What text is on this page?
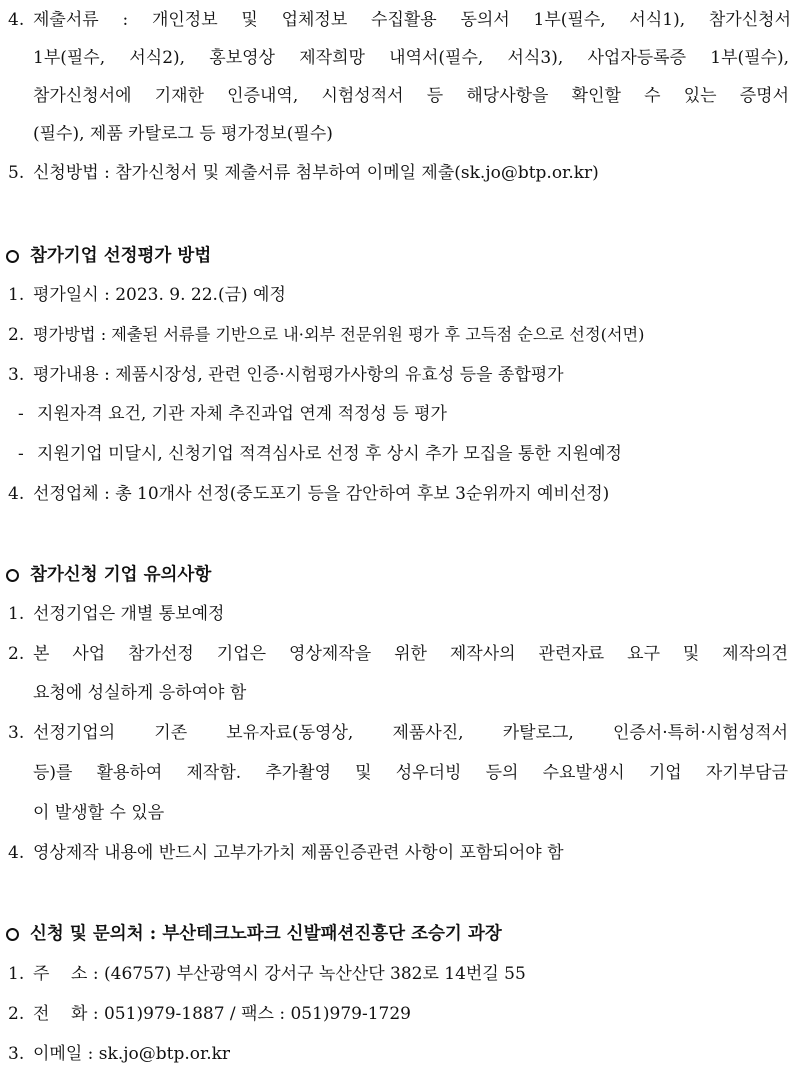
4. 제출서류 : 개인정보 및 업체정보 수집활용 동의서 1부(필수, 서식1), 참가신청서
1부(필수, 서식2), 홍보영상 제작희망 내역서(필수, 서식3), 사업자등록증 1부(필수),
참가신청서에 기재한 인증내역, 시험성적서 등 해당사항을 확인할 수 있는 증명서
(필수), 제품 카탈로그 등 평가정보(필수)
5. 신청방법 : 참가신청서 및 제출서류 첨부하여 이메일 제출(sk.jo@btp.or.kr)
참가기업 선정평가 방법
1. 평가일시 : 2023. 9. 22.(금) 예정
2. 평가방법 : 제출된 서류를 기반으로 내·외부 전문위원 평가 후 고득점 순으로 선정(서면)
3. 평가내용 : 제품시장성, 관련 인증·시험평가사항의 유효성 등을 종합평가
- 지원자격 요건, 기관 자체 추진과업 연계 적정성 등 평가
- 지원기업 미달시, 신청기업 적격심사로 선정 후 상시 추가 모집을 통한 지원예정
4. 선정업체 : 총 10개사 선정(중도포기 등을 감안하여 후보 3순위까지 예비선정)
참가신청 기업 유의사항
1. 선정기업은 개별 통보예정
2. 본 사업 참가선정 기업은 영상제작을 위한 제작사의 관련자료 요구 및 제작의견
요청에 성실하게 응하여야 함
3. 선정기업의 기존 보유자료(동영상, 제품사진, 카탈로그, 인증서·특허·시험성적서
등)를 활용하여 제작함. 추가촬영 및 성우더빙 등의 수요발생시 기업 자기부담금
이 발생할 수 있음
4. 영상제작 내용에 반드시 고부가가치 제품인증관련 사항이 포함되어야 함
신청 및 문의처 : 부산테크노파크 신발패션진흥단 조승기 과장
1. 주    소 : (46757) 부산광역시 강서구 녹산산단 382로 14번길 55
2. 전    화 : 051)979-1887 / 팩스 : 051)979-1729
3. 이메일 : sk.jo@btp.or.kr
